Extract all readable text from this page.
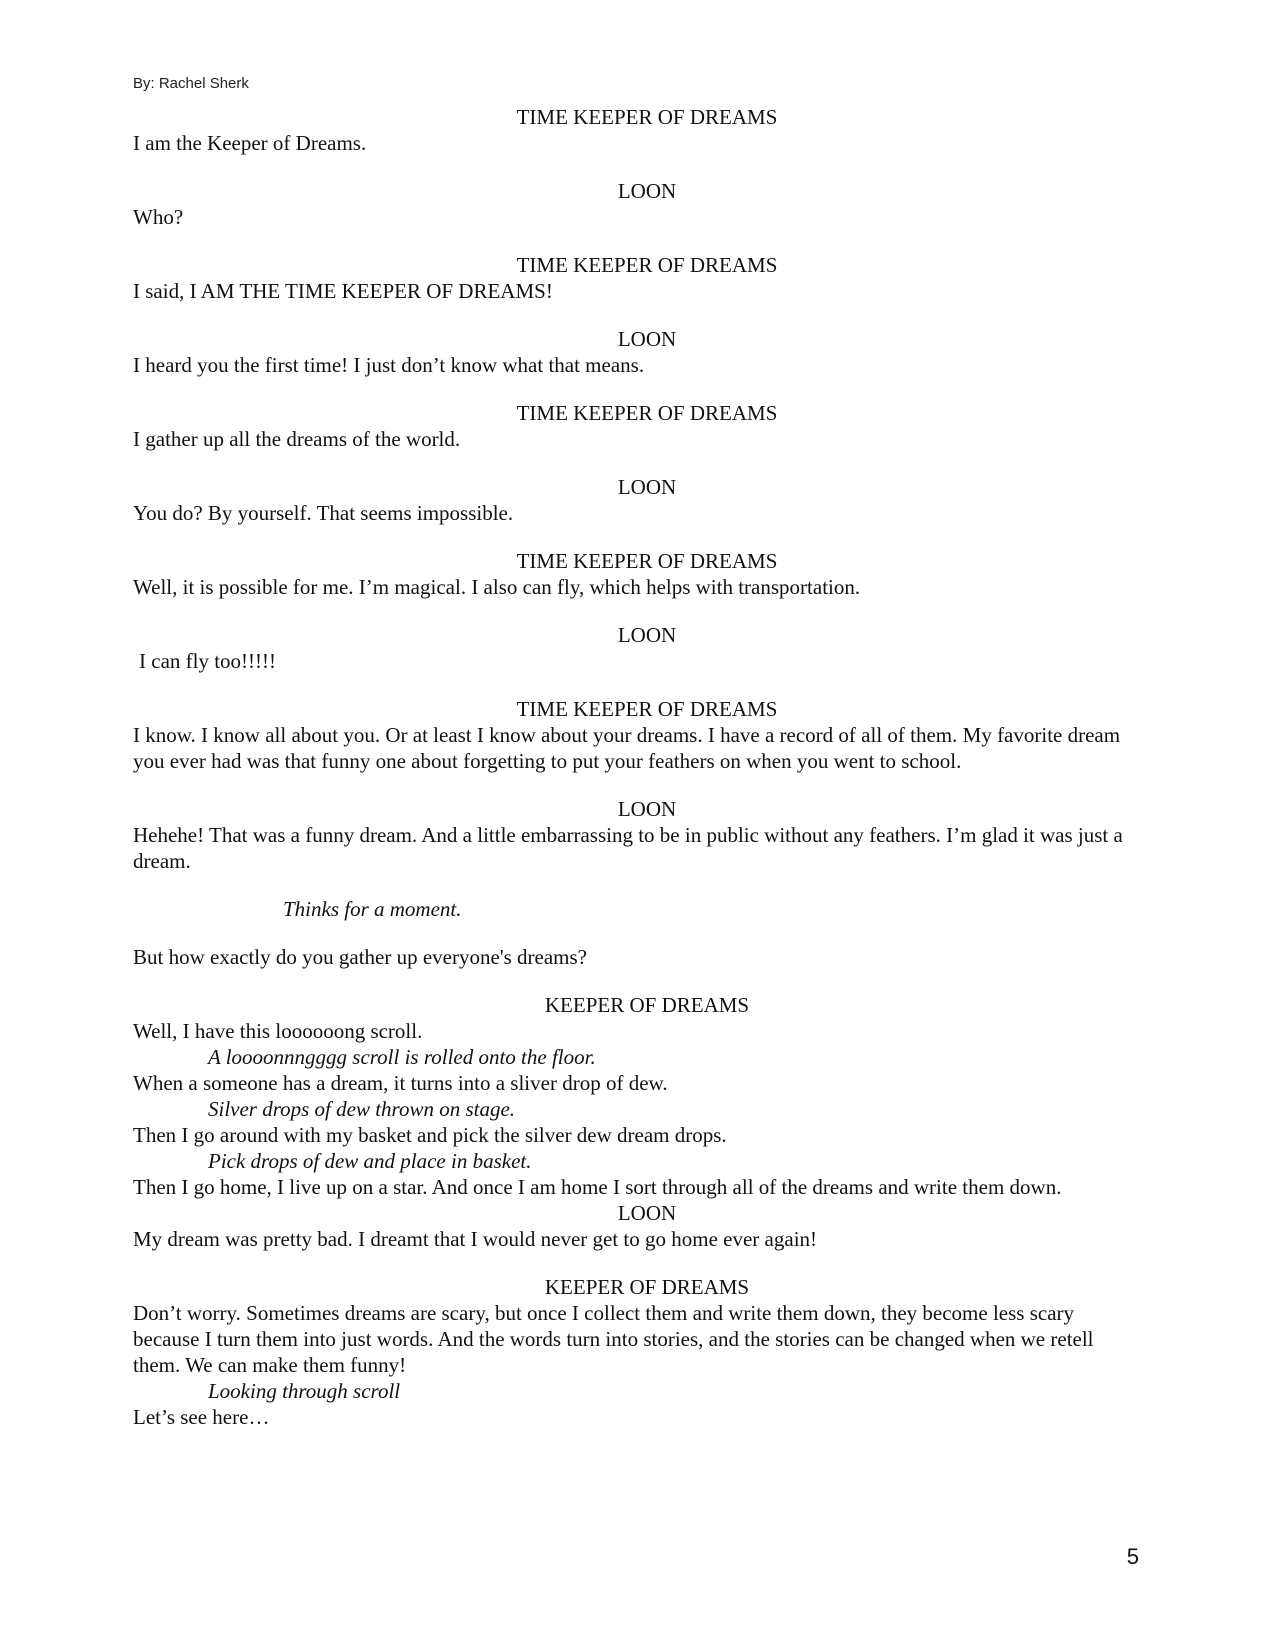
By: Rachel Sherk
TIME KEEPER OF DREAMS

I am the Keeper of Dreams.

LOON

Who?

TIME KEEPER OF DREAMS

I said, I AM THE TIME KEEPER OF DREAMS!

LOON

I heard you the first time! I just don’t know what that means.

TIME KEEPER OF DREAMS

I gather up all the dreams of the world.

LOON

You do? By yourself. That seems impossible.

TIME KEEPER OF DREAMS

Well, it is possible for me. I’m magical. I also can fly, which helps with transportation.

LOON

I can fly too!!!!!

TIME KEEPER OF DREAMS

I know. I know all about you. Or at least I know about your dreams. I have a record of all of them. My favorite dream you ever had was that funny one about forgetting to put your feathers on when you went to school.

LOON

Hehehe! That was a funny dream. And a little embarrassing to be in public without any feathers. I’m glad it was just a dream.

Thinks for a moment.

But how exactly do you gather up everyone's dreams?

KEEPER OF DREAMS

Well, I have this loooooong scroll.

A loooonnngggg scroll is rolled onto the floor.

When a someone has a dream, it turns into a sliver drop of dew.

Silver drops of dew thrown on stage.

Then I go around with my basket and pick the silver dew dream drops.

Pick drops of dew and place in basket.

Then I go home, I live up on a star. And once I am home I sort through all of the dreams and write them down.

LOON

My dream was pretty bad. I dreamt that I would never get to go home ever again!

KEEPER OF DREAMS

Don’t worry. Sometimes dreams are scary, but once I collect them and write them down, they become less scary because I turn them into just words. And the words turn into stories, and the stories can be changed when we retell them. We can make them funny!

Looking through scroll

Let’s see here…

5
